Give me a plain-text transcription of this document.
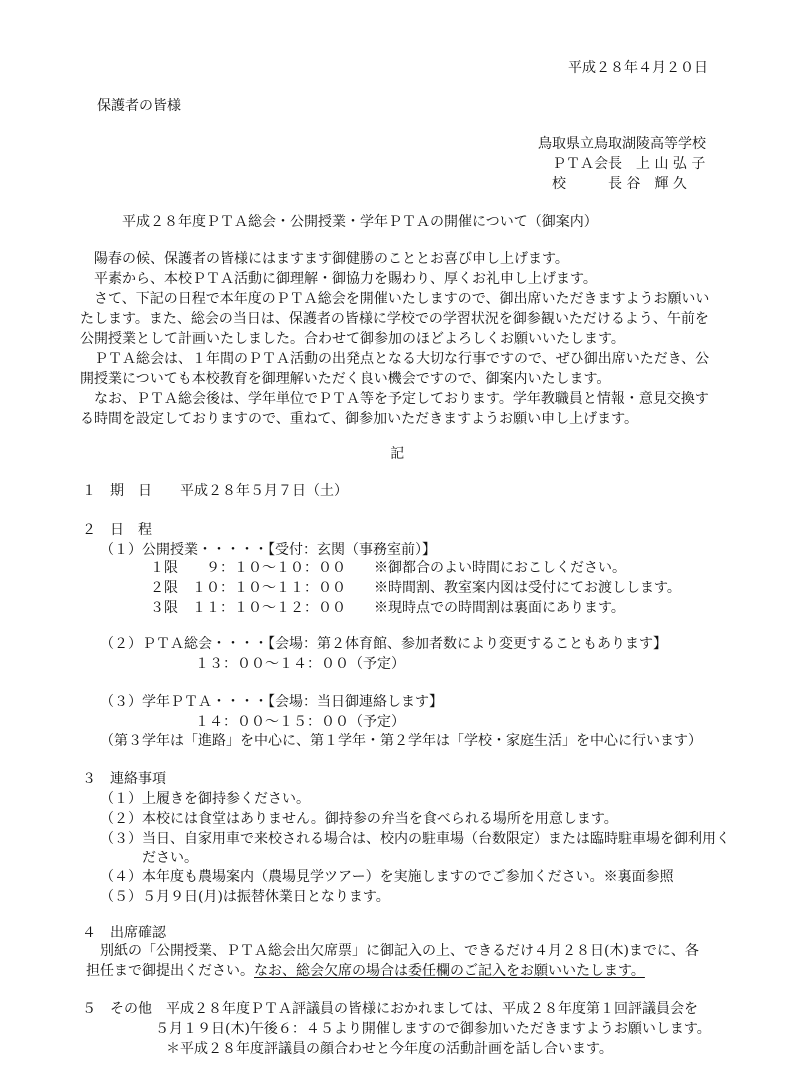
平成２８年４月２０日
保護者の皆様
鳥取県立鳥取湖陵高等学校
ＰＴＡ会長　上 山 弘 子
校　　　長 谷　輝 久
平成２８年度ＰＴＡ総会・公開授業・学年ＰＴＡの開催について（御案内）
陽春の候、保護者の皆様にはますます御健勝のこととお喜び申し上げます。
平素から、本校ＰＴＡ活動に御理解・御協力を賜わり、厚くお礼申し上げます。
さて、下記の日程で本年度のＰＴＡ総会を開催いたしますので、御出席いただきますようお願いい
たします。また、総会の当日は、保護者の皆様に学校での学習状況を御参観いただけるよう、午前を
公開授業として計画いたしました。合わせて御参加のほどよろしくお願いいたします。
ＰＴＡ総会は、１年間のＰＴＡ活動の出発点となる大切な行事ですので、ぜひ御出席いただき、公
開授業についても本校教育を御理解いただく良い機会ですので、御案内いたします。
なお、ＰＴＡ総会後は、学年単位でＰＴＡ等を予定しております。学年教職員と情報・意見交換す
る時間を設定しておりますので、重ねて、御参加いただきますようお願い申し上げます。
記
１　期　日　　平成２８年５月７日（土）
２　日　程
（１）公開授業・・・・・【受付：玄関（事務室前）】
１限　　９：１０～１０：００　　※御都合のよい時間におこしください。
２限　１０：１０～１１：００　　※時間割、教室案内図は受付にてお渡しします。
３限　１１：１０～１２：００　　※現時点での時間割は裏面にあります。
（２）ＰＴＡ総会・・・・【会場：第２体育館、参加者数により変更することもあります】
１３：００～１４：００（予定）
（３）学年ＰＴＡ・・・・【会場：当日御連絡します】
１４：００～１５：００（予定）
（第３学年は「進路」を中心に、第１学年・第２学年は「学校・家庭生活」を中心に行います）
３　連絡事項
（１）上履きを御持参ください。
（２）本校には食堂はありません。御持参の弁当を食べられる場所を用意します。
（３）当日、自家用車で来校される場合は、校内の駐車場（台数限定）または臨時駐車場を御利用く
ださい。
（４）本年度も農場案内（農場見学ツアー）を実施しますのでご参加ください。※裏面参照
（５）５月９日(月)は振替休業日となります。
４　出席確認
別紙の「公開授業、ＰＴＡ総会出欠席票」に御記入の上、できるだけ４月２８日(木)までに、各
担任まで御提出ください。なお、総会欠席の場合は委任欄のご記入をお願いいたします。
５　その他　平成２８年度ＰＴＡ評議員の皆様におかれましては、平成２８年度第１回評議員会を
５月１９日(木)午後６：４５より開催しますので御参加いただきますようお願いします。
＊平成２８年度評議員の顔合わせと今年度の活動計画を話し合います。
